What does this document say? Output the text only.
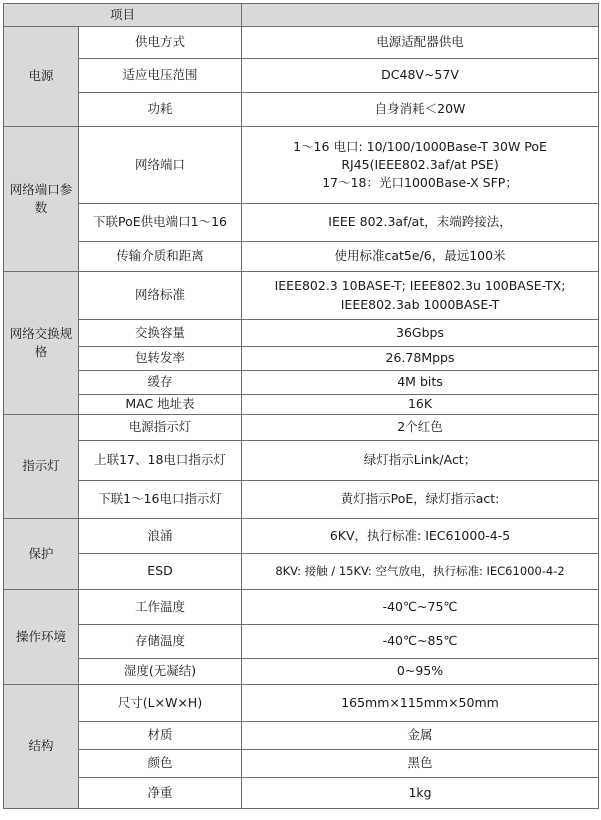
项目		
电源	供电方式	电源适配器供电

	适应电压范围	DC48V~57V

	功耗	自身消耗＜20W

网络端口参数	网络端口	1～16 电口: 10/100/1000Base-T 30W PoE
RJ45(IEEE802.3af/at PSE)
17～18：光口1000Base-X SFP；

	下联PoE供电端口1～16	IEEE 802.3af/at，末端跨接法，

	传输介质和距离	使用标准cat5e/6，最远100米

网络交换规格	网络标准	IEEE802.3 10BASE-T; IEEE802.3u 100BASE-TX;
IEEE802.3ab 1000BASE-T

	交换容量	36Gbps

	包转发率	26.78Mpps

	缓存	4M bits

	MAC 地址表	16K

指示灯	电源指示灯	2个红色

	上联17、18电口指示灯	绿灯指示Link/Act；

	下联1～16电口指示灯	黄灯指示PoE，绿灯指示act:

保护	浪涌	6KV，执行标准: IEC61000-4-5

	ESD	8KV: 接触 / 15KV: 空气放电，执行标准: IEC61000-4-2

操作环境	工作温度	-40℃~75℃

	存储温度	-40℃~85℃

	湿度(无凝结)	0~95%

结构	尺寸(L×W×H)	165mm×115mm×50mm

	材质	金属

	颜色	黑色

	净重	1kg
